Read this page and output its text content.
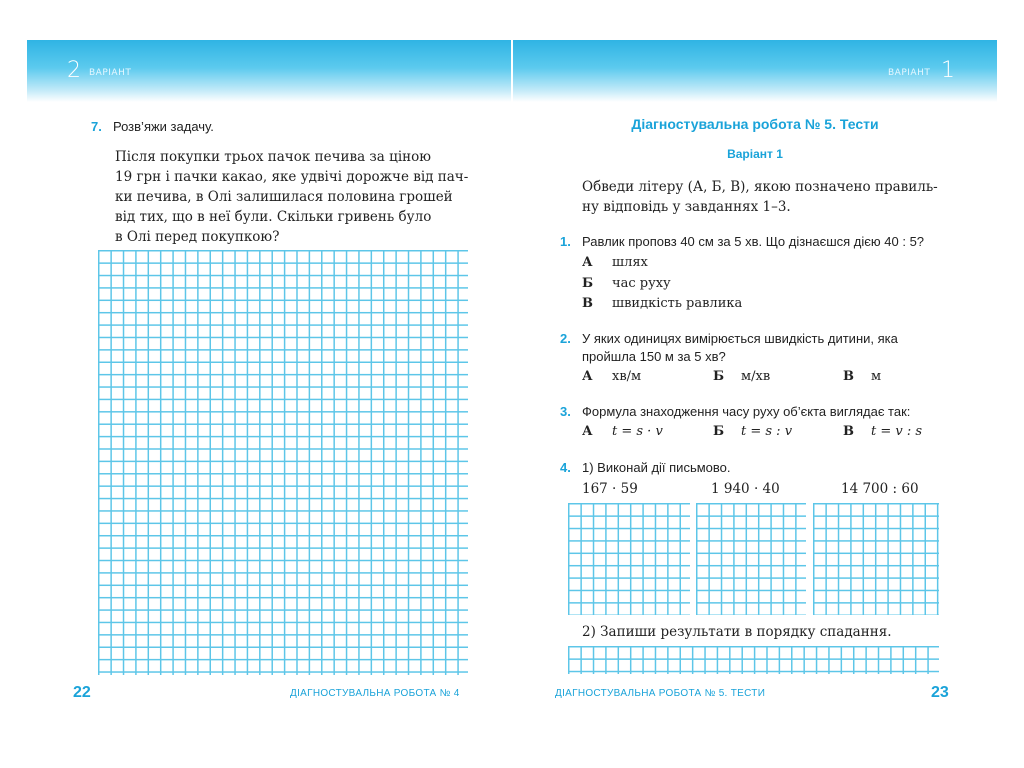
2 ВАРІАНТ
7. Розв’яжи задачу.
Після покупки трьох пачок печива за ціною
19 грн і пачки какао, яке удвічі дорожче від пач-
ки печива, в Олі залишилася половина грошей
від тих, що в неї були. Скільки гривень було
в Олі перед покупкою?
22	ДІАГНОСТУВАЛЬНА РОБОТА № 4
ВАРІАНТ 1
Діагностувальна робота № 5. Тести
Варіант 1
Обведи літеру (А, Б, В), якою позначено правиль-
ну відповідь у завданнях 1–3.
1. Равлик проповз 40 см за 5 хв. Що дізнаєшся дією 40 : 5?
А шлях
Б час руху
В швидкість равлика
2. У яких одиницях вимірюється швидкість дитини, яка
пройшла 150 м за 5 хв?
А хв/м	Б м/хв	В м
3. Формула знаходження часу руху об’єкта виглядає так:
А t = s · v	Б t = s : v	В t = v : s
4. 1) Виконай дії письмово.
167 · 59	1 940 · 40	14 700 : 60
2) Запиши результати в порядку спадання.
ДІАГНОСТУВАЛЬНА РОБОТА № 5. ТЕСТИ	23
